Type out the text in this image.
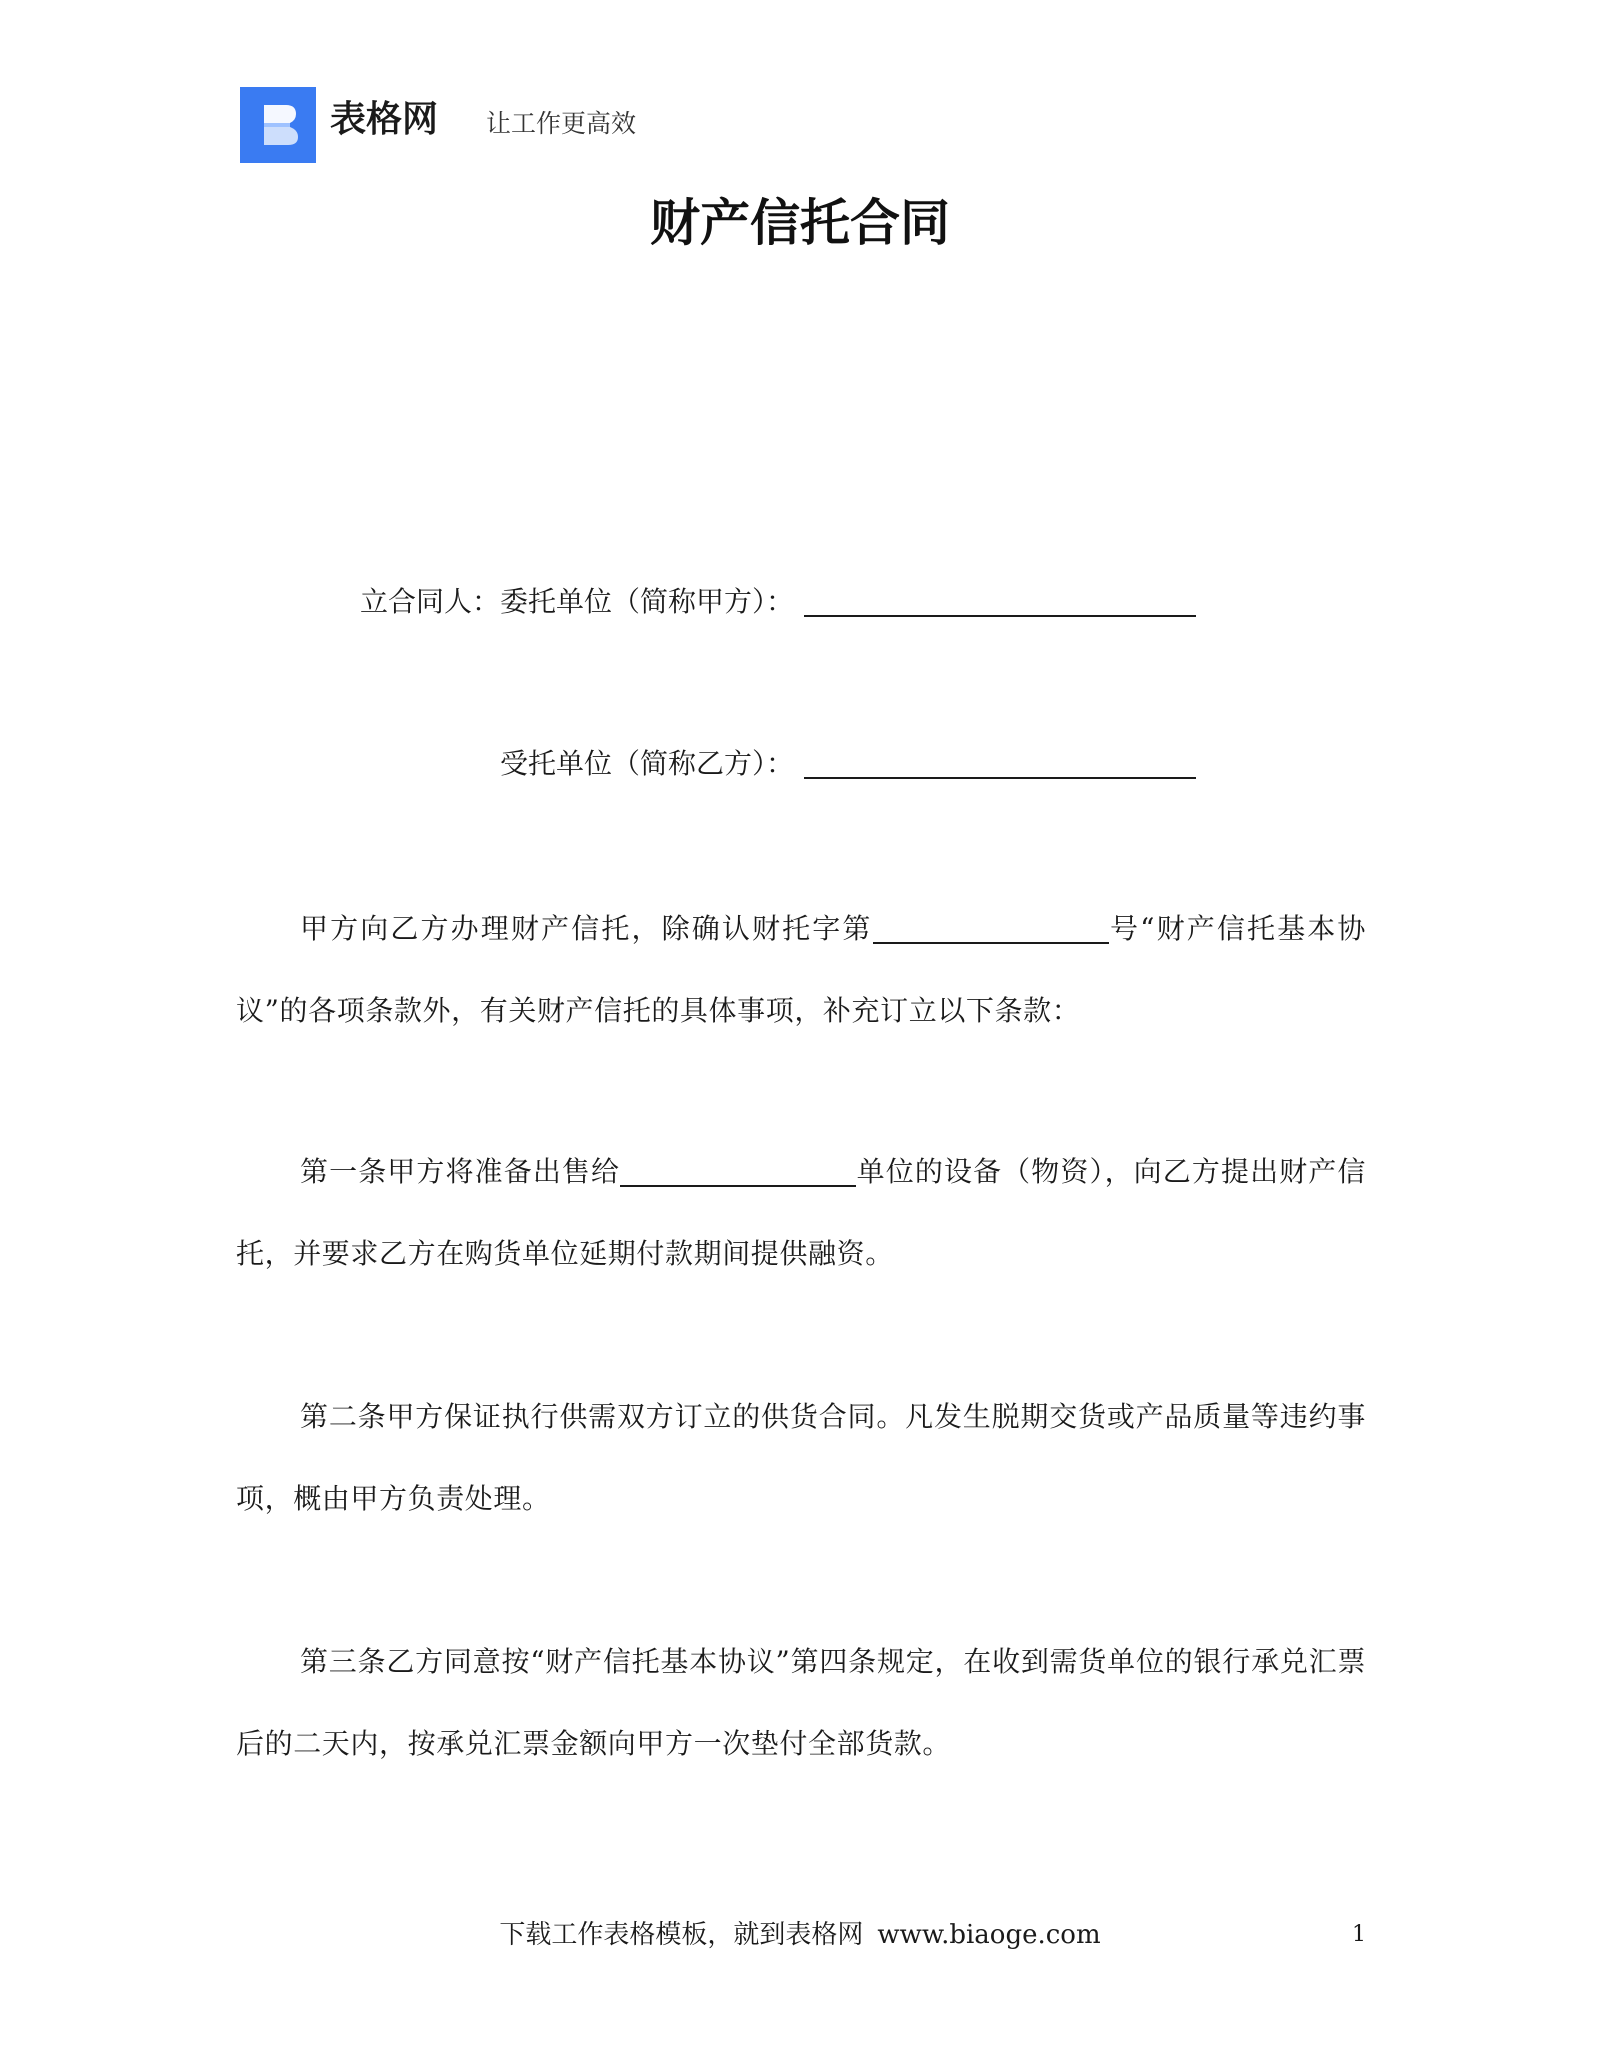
表格网 让工作更高效
财产信托合同
立合同人：委托单位（简称甲方）：
受托单位（简称乙方）：
甲方向乙方办理财产信托，除确认财托字第	号“财产信托基本协议”的各项条款外，有关财产信托的具体事项，补充订立以下条款：
第一条甲方将准备出售给	单位的设备（物资），向乙方提出财产信托，并要求乙方在购货单位延期付款期间提供融资。
第二条甲方保证执行供需双方订立的供货合同。凡发生脱期交货或产品质量等违约事项，概由甲方负责处理。
第三条乙方同意按“财产信托基本协议”第四条规定，在收到需货单位的银行承兑汇票后的二天内，按承兑汇票金额向甲方一次垫付全部货款。
下载工作表格模板，就到表格网 www.biaoge.com	1
